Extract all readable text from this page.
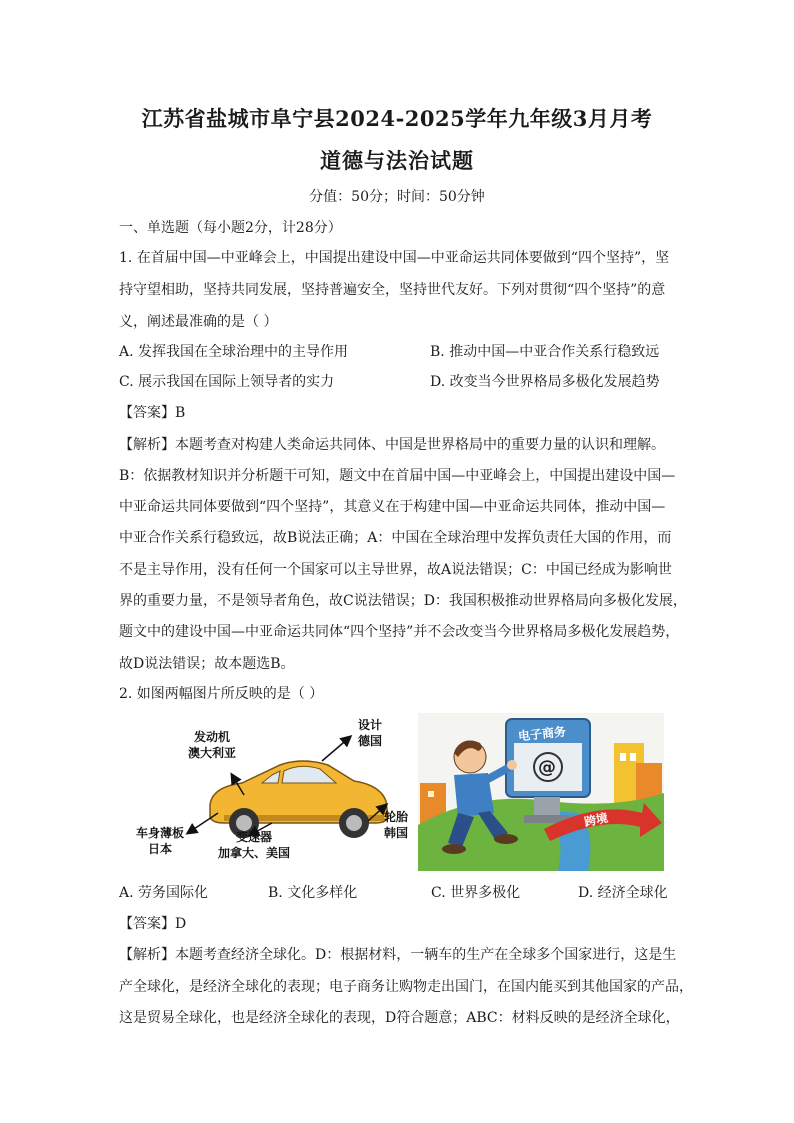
江苏省盐城市阜宁县2024-2025学年九年级3月月考
道德与法治试题
分值：50分；时间：50分钟
一、单选题（每小题2分，计28分）
1. 在首届中国—中亚峰会上，中国提出建设中国—中亚命运共同体要做到“四个坚持”，坚
持守望相助，坚持共同发展，坚持普遍安全，坚持世代友好。下列对贯彻“四个坚持”的意
义，阐述最准确的是（ ）
A. 发挥我国在全球治理中的主导作用	B. 推动中国—中亚合作关系行稳致远
C. 展示我国在国际上领导者的实力	D. 改变当今世界格局多极化发展趋势
【答案】B
【解析】本题考查对构建人类命运共同体、中国是世界格局中的重要力量的认识和理解。
B：依据教材知识并分析题干可知，题文中在首届中国—中亚峰会上，中国提出建设中国—
中亚命运共同体要做到“四个坚持”，其意义在于构建中国—中亚命运共同体，推动中国—
中亚合作关系行稳致远，故B说法正确；A：中国在全球治理中发挥负责任大国的作用，而
不是主导作用，没有任何一个国家可以主导世界，故A说法错误；C：中国已经成为影响世
界的重要力量，不是领导者角色，故C说法错误；D：我国积极推动世界格局向多极化发展，
题文中的建设中国—中亚命运共同体“四个坚持”并不会改变当今世界格局多极化发展趋势，
故D说法错误；故本题选B。
2. 如图两幅图片所反映的是（ ）
发动机
澳大利亚
设计
德国
车身薄板
日本
变速器
加拿大、美国
轮胎
韩国
电子商务
@
跨境
A. 劳务国际化	B. 文化多样化	C. 世界多极化	D. 经济全球化
【答案】D
【解析】本题考查经济全球化。D：根据材料，一辆车的生产在全球多个国家进行，这是生
产全球化，是经济全球化的表现；电子商务让购物走出国门，在国内能买到其他国家的产品，
这是贸易全球化，也是经济全球化的表现，D符合题意；ABC：材料反映的是经济全球化，
